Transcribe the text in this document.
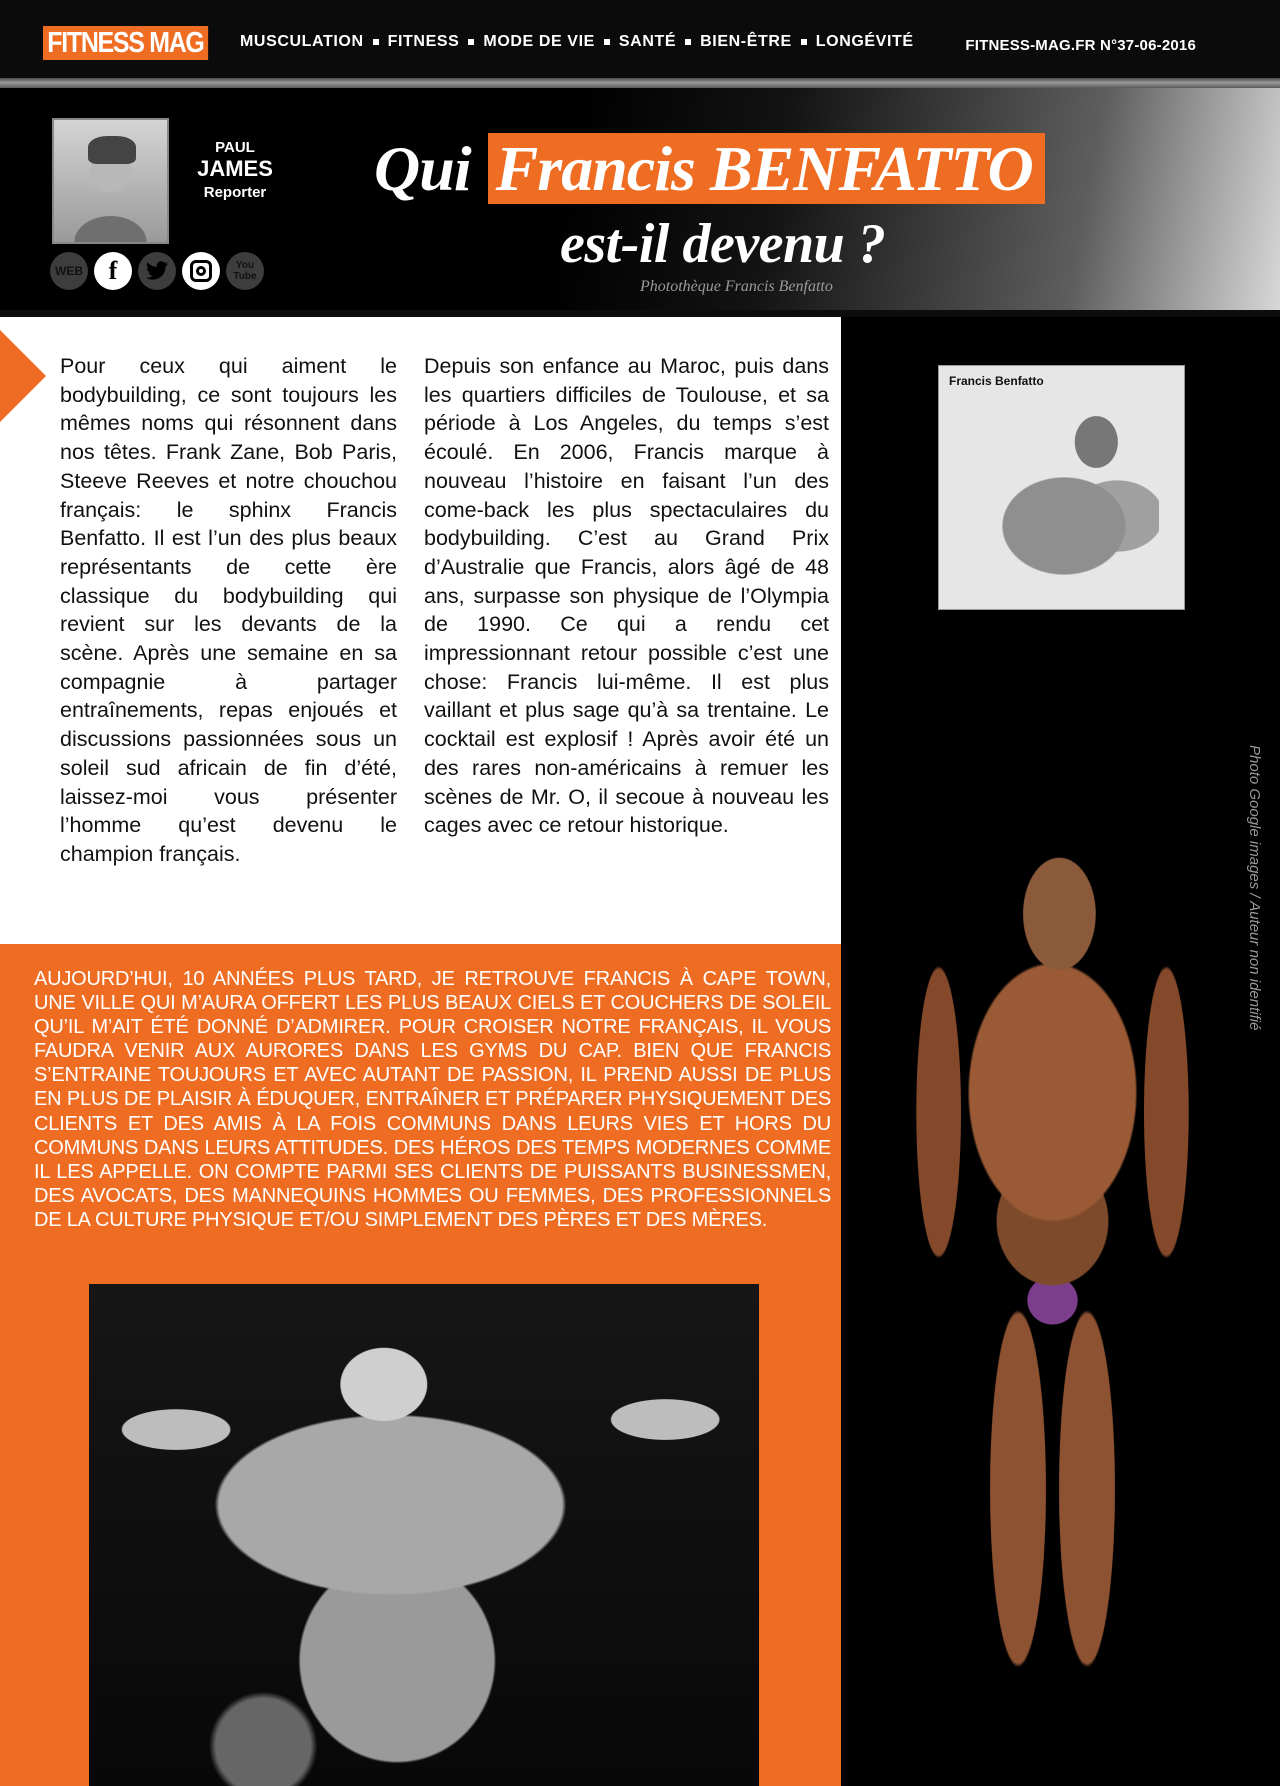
FITNESS MAG MUSCULATION FITNESS MODE DE VIE SANTÉ BIEN-ÊTRE LONGÉVITÉ	FITNESS-MAG.FR N°37-06-2016
PAUL
JAMES
Reporter
WEB f	You
Tube
Qui Francis BENFATTO
est-il devenu ?
Photothèque Francis Benfatto
Pour ceux qui aiment le bodybuilding, ce sont toujours les mêmes noms qui résonnent dans nos têtes. Frank Zane, Bob Paris, Steeve Reeves et notre chouchou français: le sphinx Francis Benfatto. Il est l’un des plus beaux représentants de cette ère classique du bodybuilding qui revient sur les devants de la scène. Après une semaine en sa compagnie à partager entraînements, repas enjoués et discussions passionnées sous un soleil sud africain de fin d’été, laissez-moi vous présenter l’homme qu’est devenu le champion français.
Depuis son enfance au Maroc, puis dans les quartiers difficiles de Toulouse, et sa période à Los Angeles, du temps s’est écoulé. En 2006, Francis marque à nouveau l’histoire en faisant l’un des come-back les plus spectaculaires du bodybuilding. C’est au Grand Prix d’Australie que Francis, alors âgé de 48 ans, surpasse son physique de l’Olympia de 1990. Ce qui a rendu cet impressionnant retour possible c’est une chose: Francis lui-même. Il est plus vaillant et plus sage qu’à sa trentaine. Le cocktail est explosif ! Après avoir été un des rares non-américains à remuer les scènes de Mr. O, il secoue à nouveau les cages avec ce retour historique.
Francis Benfatto
Photo Google images / Auteur non identifié
AUJOURD’HUI, 10 ANNÉES PLUS TARD, JE RETROUVE FRANCIS À CAPE TOWN, UNE VILLE QUI M’AURA OFFERT LES PLUS BEAUX CIELS ET COUCHERS DE SOLEIL QU’IL M’AIT ÉTÉ DONNÉ D’ADMIRER. POUR CROISER NOTRE FRANÇAIS, IL VOUS FAUDRA VENIR AUX AURORES DANS LES GYMS DU CAP. BIEN QUE FRANCIS S’ENTRAINE TOUJOURS ET AVEC AUTANT DE PASSION, IL PREND AUSSI DE PLUS EN PLUS DE PLAISIR À ÉDUQUER, ENTRAÎNER ET PRÉPARER PHYSIQUEMENT DES CLIENTS ET DES AMIS À LA FOIS COMMUNS DANS LEURS VIES ET HORS DU COMMUNS DANS LEURS ATTITUDES. DES HÉROS DES TEMPS MODERNES COMME IL LES APPELLE. ON COMPTE PARMI SES CLIENTS DE PUISSANTS BUSINESSMEN, DES AVOCATS, DES MANNEQUINS HOMMES OU FEMMES, DES PROFESSIONNELS DE LA CULTURE PHYSIQUE ET/OU SIMPLEMENT DES PÈRES ET DES MÈRES.
